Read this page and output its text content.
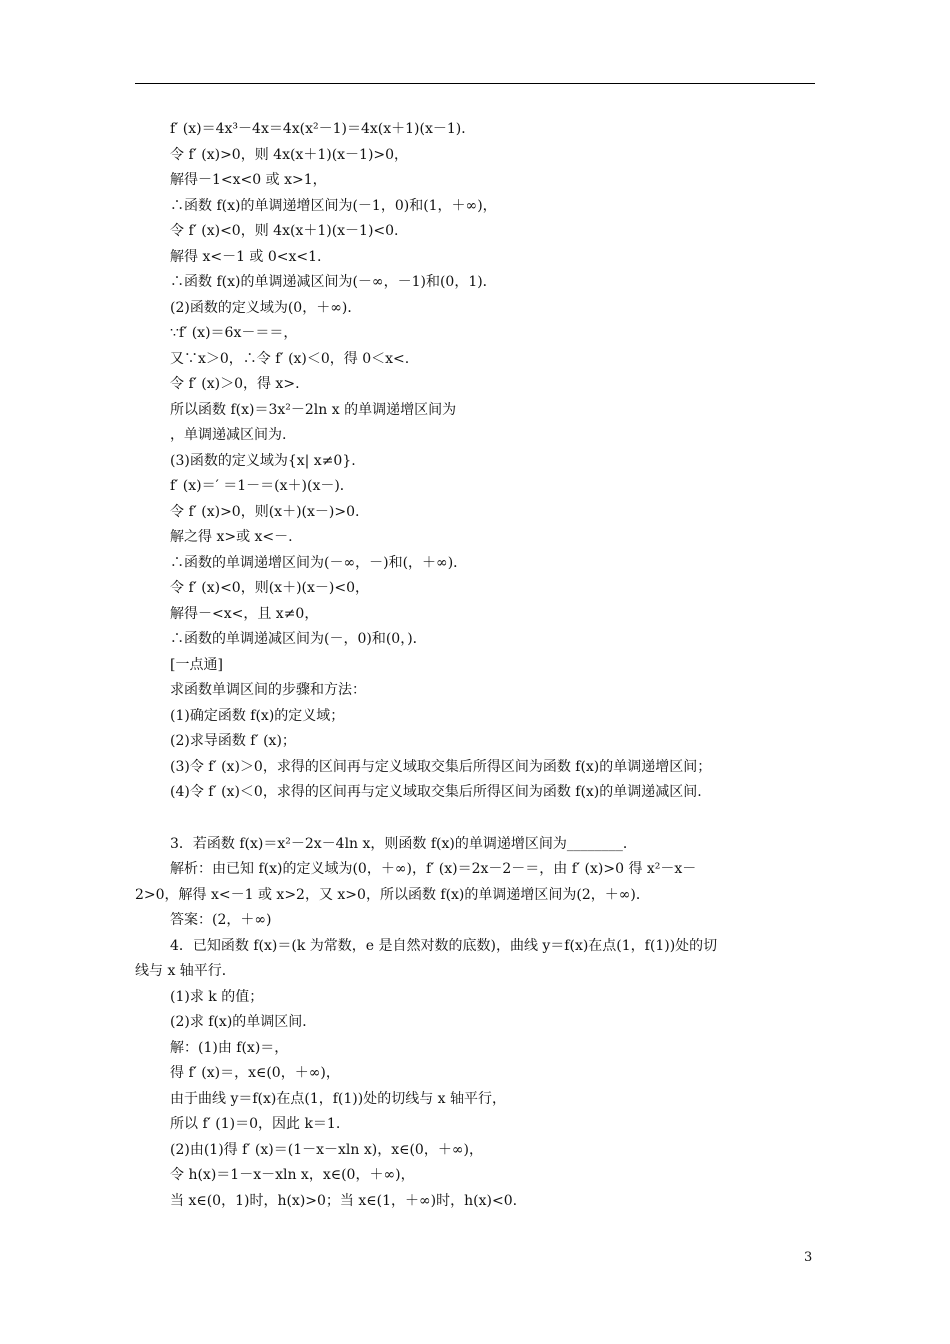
f′ (x)＝4x³－4x＝4x(x²－1)＝4x(x＋1)(x－1)．
令 f′ (x)>0，则 4x(x＋1)(x－1)>0，
解得－1<x<0 或 x>1，
∴函数 f(x)的单调递增区间为(－1，0)和(1，＋∞)，
令 f′ (x)<0，则 4x(x＋1)(x－1)<0.
解得 x<－1 或 0<x<1.
∴函数 f(x)的单调递减区间为(－∞，－1)和(0，1)．
(2)函数的定义域为(0，＋∞)．
∵f′ (x)＝6x－＝＝，
又∵x＞0，∴令 f′ (x)＜0，得 0＜x<.
令 f′ (x)＞0，得 x>.
所以函数 f(x)＝3x²－2ln x 的单调递增区间为
，单调递减区间为.
(3)函数的定义域为{x| x≠0}.
f′ (x)＝′ ＝1－＝(x＋)(x－)．
令 f′ (x)>0，则(x＋)(x－)>0.
解之得 x>或 x<－.
∴函数的单调递增区间为(－∞，－)和(，＋∞)．
令 f′ (x)<0，则(x＋)(x－)<0，
解得－<x<，且 x≠0，
∴函数的单调递减区间为(－，0)和(0，)．
[一点通]
求函数单调区间的步骤和方法：
(1)确定函数 f(x)的定义域；
(2)求导函数 f′ (x)；
(3)令 f′ (x)＞0，求得的区间再与定义域取交集后所得区间为函数 f(x)的单调递增区间；
(4)令 f′ (x)＜0，求得的区间再与定义域取交集后所得区间为函数 f(x)的单调递减区间.
3．若函数 f(x)＝x²－2x－4ln x，则函数 f(x)的单调递增区间为________．
解析：由已知 f(x)的定义域为(0，＋∞)，f′ (x)＝2x－2－＝，由 f′ (x)>0 得 x²－x－
2>0，解得 x<－1 或 x>2，又 x>0，所以函数 f(x)的单调递增区间为(2，＋∞)．
答案：(2，＋∞)
4．已知函数 f(x)＝(k 为常数，e 是自然对数的底数)，曲线 y＝f(x)在点(1，f(1))处的切
线与 x 轴平行．
(1)求 k 的值；
(2)求 f(x)的单调区间．
解：(1)由 f(x)＝，
得 f′ (x)＝，x∈(0，＋∞)，
由于曲线 y＝f(x)在点(1，f(1))处的切线与 x 轴平行，
所以 f′ (1)＝0，因此 k＝1.
(2)由(1)得 f′ (x)＝(1－x－xln x)，x∈(0，＋∞)，
令 h(x)＝1－x－xln x，x∈(0，＋∞)，
当 x∈(0，1)时，h(x)>0；当 x∈(1，＋∞)时，h(x)<0.
3
